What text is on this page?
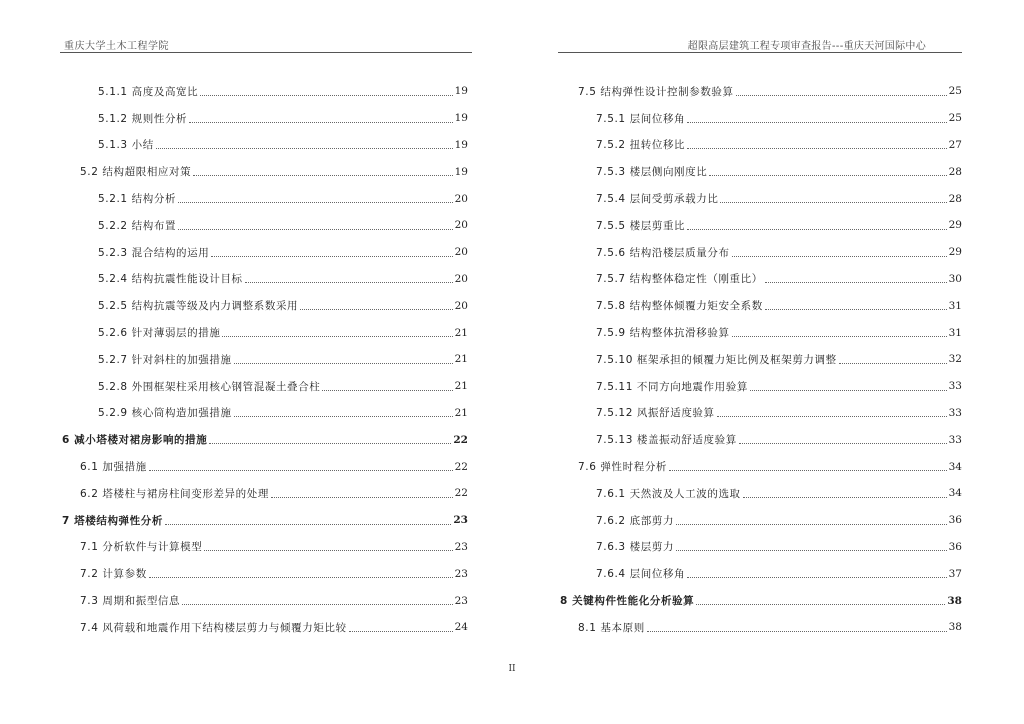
重庆大学土木工程学院	超限高层建筑工程专项审查报告---重庆天河国际中心
5.1.1 高度及高宽比	19
5.1.2 规则性分析	19
5.1.3 小结	19
5.2 结构超限相应对策	19
5.2.1 结构分析	20
5.2.2 结构布置	20
5.2.3 混合结构的运用	20
5.2.4 结构抗震性能设计目标	20
5.2.5 结构抗震等级及内力调整系数采用	20
5.2.6 针对薄弱层的措施	21
5.2.7 针对斜柱的加强措施	21
5.2.8 外围框架柱采用核心钢管混凝土叠合柱	21
5.2.9 核心筒构造加强措施	21
6 减小塔楼对裙房影响的措施	22
6.1 加强措施	22
6.2 塔楼柱与裙房柱间变形差异的处理	22
7 塔楼结构弹性分析	23
7.1 分析软件与计算模型	23
7.2 计算参数	23
7.3 周期和振型信息	23
7.4 风荷载和地震作用下结构楼层剪力与倾覆力矩比较	24
7.5 结构弹性设计控制参数验算	25
7.5.1 层间位移角	25
7.5.2 扭转位移比	27
7.5.3 楼层侧向刚度比	28
7.5.4 层间受剪承载力比	28
7.5.5 楼层剪重比	29
7.5.6 结构沿楼层质量分布	29
7.5.7 结构整体稳定性（刚重比）	30
7.5.8 结构整体倾覆力矩安全系数	31
7.5.9 结构整体抗滑移验算	31
7.5.10 框架承担的倾覆力矩比例及框架剪力调整	32
7.5.11 不同方向地震作用验算	33
7.5.12 风振舒适度验算	33
7.5.13 楼盖振动舒适度验算	33
7.6 弹性时程分析	34
7.6.1 天然波及人工波的选取	34
7.6.2 底部剪力	36
7.6.3 楼层剪力	36
7.6.4 层间位移角	37
8 关键构件性能化分析验算	38
8.1 基本原则	38
II
